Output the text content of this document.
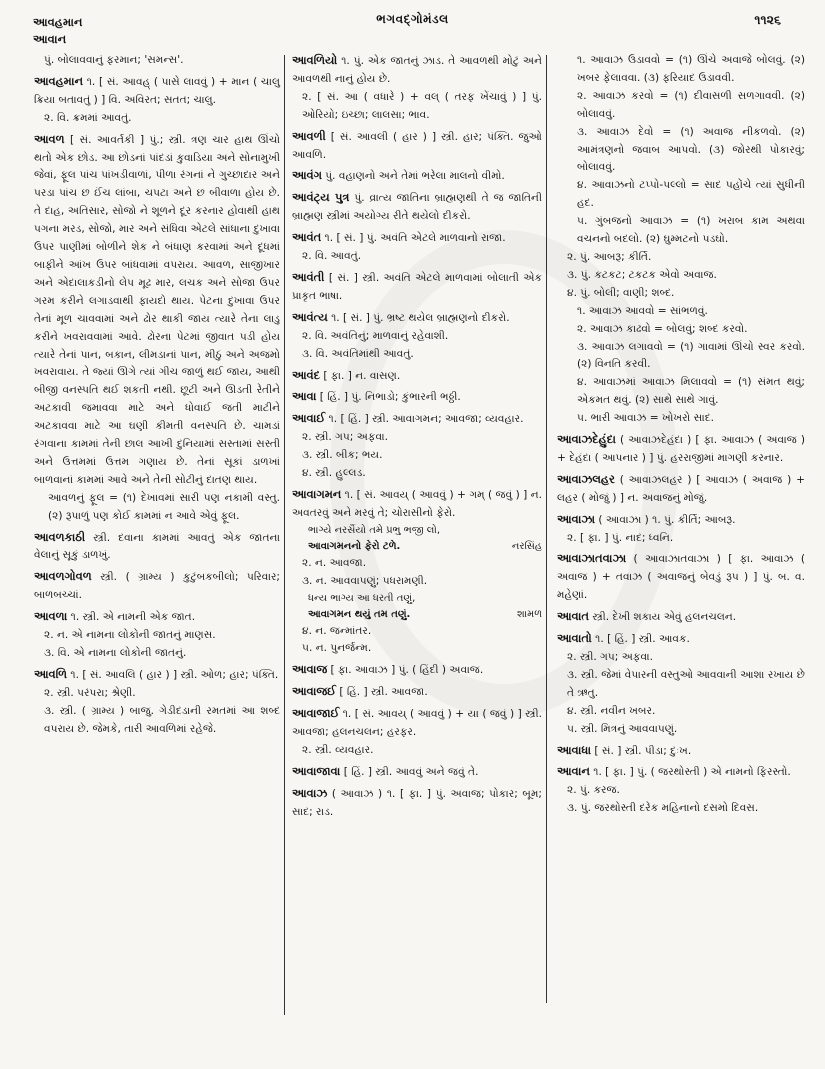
આવહમાન
આવાન
ભગવદ્ગોમંડલ	૧૧૨૬
પું. બોલાવવાનું ફરમાન; 'સમન્સ'.
આવહમાન ૧. [ સં. આવહ્ ( પાસે લાવવું ) + માન ( ચાલુ ક્રિયા બતાવતું ) ] વિ. અવિરત; સતત; ચાલુ.
૨. વિ. ક્રમમાં આવતું.
આવળ [ સં. આવર્તકી ] પું.; સ્ત્રી. ત્રણ ચાર હાથ ઊંચો થતો એક છોડ. આ છોડનાં પાંદડાં કુવાડિયા અને સોનામુખી જેવાં, ફૂલ પાંચ પાંખડીવાળાં, પીળા રંગનાં ને ગુચ્છાદાર અને પરડા પાંચ છ ઈંચ લાંબા, ચપટા અને છ બીવાળા હોય છે. તે દાહ, અતિસાર, સોજો ને શૂળને દૂર કરનાર હોવાથી હાથ પગના મરડ, સોજો, માર અને સંધિવા એટલે સાંધાના દુખાવા ઉપર પાણીમાં બોળીને શેક ને બંધાણ કરવામાં અને દૂધમાં બાફીને આંખ ઉપર બાંધવામાં વપરાય. આવળ, સાજીખાર અને એદાલાકડીનો લેપ મૂઢ માર, લચક અને સોજા ઉપર ગરમ કરીને લગાડવાથી ફાયદો થાય. પેટના દુખાવા ઉપર તેનાં મૂળ ચાવવામાં અને ઢોર થાકી જાય ત્યારે તેના લાડુ કરીને ખવરાવવામાં આવે. ઢોરના પેટમાં જીવાત પડી હોય ત્યારે તેનાં પાન, બકાન, લીમડાનાં પાન, મીઠું અને અજમો ખવરાવાય. તે જ્યાં ઊગે ત્યાં ગીચ જાળું થઈ જાય, આથી બીજી વનસ્પતિ થઈ શકતી નથી. છૂટી અને ઊડતી રેતીને અટકાવી જમાવવા માટે અને ધોવાઈ જતી માટીને અટકાવવા માટે આ ઘણી કીમતી વનસ્પતિ છે. ચામડાં રંગવાના કામમાં તેની છાલ આખી દુનિયામાં સસ્તામાં સસ્તી અને ઉત્તમમાં ઉત્તમ ગણાય છે. તેનાં સૂકાં ડાળખાં બાળવાનાં કામમાં આવે અને તેની સોટીનું દાતણ થાય.
આવળનું ફૂલ = (૧) દેખાવમાં સારી પણ નકામી વસ્તુ. (૨) રૂપાળું પણ કોઈ કામમાં ન આવે એવું ફૂલ.
આવળકાઠી સ્ત્રી. દવાના કામમાં આવતું એક જાતના વેલાનું સૂકું ડાળખું.
આવળગોવળ સ્ત્રી. ( ગ્રામ્ય ) કુટુંબકબીલો; પરિવાર; બાળબચ્ચાં.
આવળા ૧. સ્ત્રી. એ નામની એક જાત.
૨. ન. એ નામના લોકોની જાતનું માણસ.
૩. વિ. એ નામના લોકોની જાતનું.
આવળિ ૧. [ સં. આવલિ ( હાર ) ] સ્ત્રી. ઓળ; હાર; પંક્તિ.
૨. સ્ત્રી. પરંપરા; શ્રેણી.
૩. સ્ત્રી. ( ગ્રામ્ય ) બાજુ. ગેડીદડાની રમતમાં આ શબ્દ વપરાય છે. જેમકે, તારી આવળિમાં રહેજે.
આવળિયો ૧. પું. એક જાતનું ઝાડ. તે આવળથી મોટું અને આવળથી નાનું હોય છે.
૨. [ સં. આ ( વધારે ) + વલ્ ( તરફ ખેંચાવું ) ] પું. ઓરિયો; ઇચ્છા; લાલસા; ભાવ.
આવળી [ સં. આવલી ( હાર ) ] સ્ત્રી. હાર; પંક્તિ. જુઓ આવળિ.
આવંગ પું. વહાણનો અને તેમાં ભરેલા માલનો વીમો.
આવંટ્ય પુત્ર પું. વ્રાત્ય જાતિના બ્રાહ્મણથી તે જ જાતિની બ્રાહ્મણ સ્ત્રીમાં અયોગ્ય રીતે થયેલો દીકરો.
આવંત ૧. [ સં. ] પું. અવંતિ એટલે માળવાનો રાજા.
૨. વિ. આવતું.
આવંતી [ સં. ] સ્ત્રી. અવંતિ એટલે માળવામાં બોલાતી એક પ્રાકૃત ભાષા.
આવંત્ય ૧. [ સં. ] પું. ભ્રષ્ટ થયેલ બ્રાહ્મણનો દીકરો.
૨. વિ. અવંતિનું; માળવાનું રહેવાશી.
૩. વિ. અવંતિમાંથી આવતું.
આવંદ [ ફા. ] ન. વાસણ.
આવા [ હિં. ] પું. નિભાડો; કુંભારની ભઠ્ઠી.
આવાઈ ૧. [ હિં. ] સ્ત્રી. આવાગમન; આવજા; વ્યવહાર.
૨. સ્ત્રી. ગપ; અફવા.
૩. સ્ત્રી. બીક; ભય.
૪. સ્ત્રી. હુલ્લડ.
આવાગમન ૧. [ સં. આવય્ ( આવવું ) + ગમ્ ( જવું ) ] ન. અવતરવું અને મરવું તે; ચોરાસીનો ફેરો.
ભાગ્યે નરસૈંયો તમે પ્રભુ ભજી લો,
આવાગમનનો ફેરો ટળે.	નરસિંહ
૨. ન. આવજા.
૩. ન. આવવાપણું; પધરામણી.
ધન્ય ભાગ્ય આ ધરતી તણું,
આવાગમન થયું તમ તણું.	શામળ
૪. ન. જન્માંતર.
૫. ન. પુનર્જન્મ.
આવાજ [ ફા. આવાઝ ] પું. ( હિંદી ) અવાજ.
આવાજઈ [ હિં. ] સ્ત્રી. આવજા.
આવાજાઈ ૧. [ સં. આવય્ ( આવવું ) + યા ( જવું ) ] સ્ત્રી. આવજા; હલનચલન; હરફર.
૨. સ્ત્રી. વ્યવહાર.
આવાજાવા [ હિં. ] સ્ત્રી. આવવું અને જવું તે.
આવાઝ ( આવાઝ ) ૧. [ ફા. ] પું. અવાજ; પોકાર; બૂમ; સાદ; રાડ.
૧. આવાઝ ઉડાવવો = (૧) ઊંચે અવાજે બોલવું. (૨) ખબર ફેલાવવા. (૩) ફરિયાદ ઉડાવવી.
૨. આવાઝ કરવો = (૧) દીવાસળી સળગાવવી. (૨) બોલાવવું.
૩. આવાઝ દેવો = (૧) અવાજ નીકળવો. (૨) આમંત્રણનો જવાબ આપવો. (૩) જોરથી પોકારવું; બોલાવવું.
૪. આવાઝનો ટપ્પો-પલ્લો = સાદ પહોંચે ત્યાં સુધીની હદ.
૫. ગુંબજનો આવાઝ = (૧) ખરાબ કામ અથવા વચનનો બદલો. (૨) ઘુમ્મટનો પડઘો.
૨. પું. આબરૂ; કીર્તિ.
૩. પું. કટકટ; ટકટક એવો અવાજ.
૪. પું. બોલી; વાણી; શબ્દ.
૧. આવાઝ આવવો = સાંભળવું.
૨. આવાઝ કાઢવો = બોલવું; શબ્દ કરવો.
૩. આવાઝ લગાવવો = (૧) ગાવામાં ઊંચો સ્વર કરવો. (૨) વિનતિ કરવી.
૪. આવાઝમાં આવાઝ મિલાવવો = (૧) સંમત થવું; એકમત થવું. (૨) સાથે સાથે ગાવું.
૫. ભારી આવાઝ = ખોખરો સાદ.
આવાઝદેહુંદા ( આવાઝદેહંદા ) [ ફા. આવાઝ ( અવાજ ) + દેહંદા ( આપનાર ) ] પું. હરરાજીમાં માગણી કરનાર.
આવાઝલહર ( આવાઝલહર ) [ આવાઝ ( અવાજ ) + લહર ( મોજું ) ] ન. અવાજનું મોજું.
આવાઝા ( આવાઝા ) ૧. પું. કીર્તિ; આબરૂ.
૨. [ ફા. ] પું. નાદ; ધ્વનિ.
આવાઝાતવાઝા ( આવાઝાતવાઝા ) [ ફા. આવાઝ ( અવાજ ) + તવાઝ ( અવાજનું બેવડું રૂપ ) ] પું. બ. વ. મહેણાં.
આવાત સ્ત્રી. દેખી શકાય એવું હલનચલન.
આવાતો ૧. [ હિં. ] સ્ત્રી. આવક.
૨. સ્ત્રી. ગપ; અફવા.
૩. સ્ત્રી. જેમાં વેપારની વસ્તુઓ આવવાની આશા રખાય છે તે ઋતુ.
૪. સ્ત્રી. નવીન ખબર.
૫. સ્ત્રી. મિત્રનું આવવાપણું.
આવાધા [ સં. ] સ્ત્રી. પીડા; દુઃખ.
આવાન ૧. [ ફા. ] પું. ( જરથોસ્તી ) એ નામનો ફિરસ્તો.
૨. પું. કરજ.
૩. પું. જરથોસ્તી દરેક મહિનાનો દસમો દિવસ.
